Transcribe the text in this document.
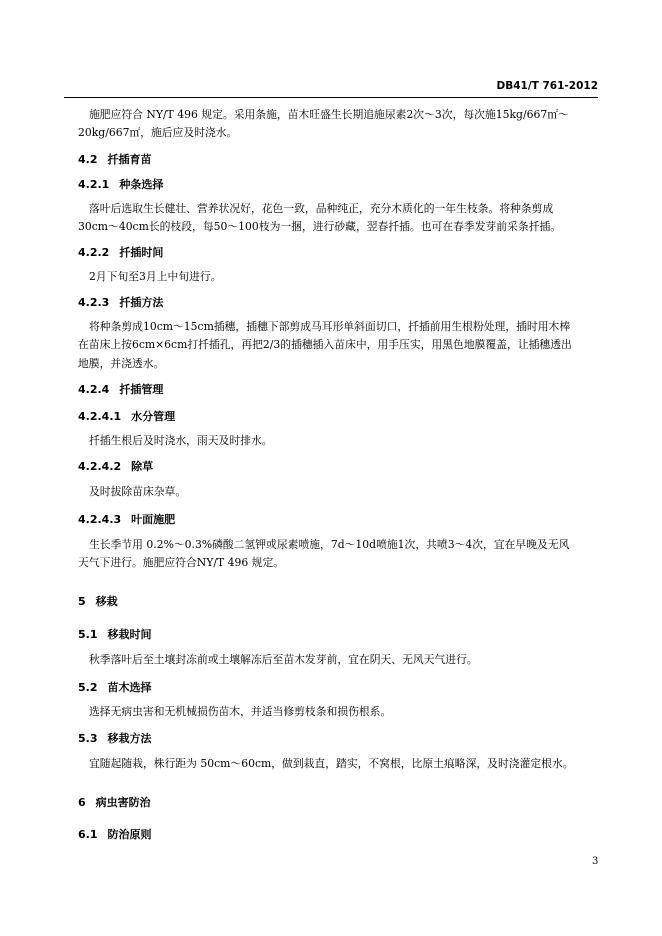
DB41/T 761-2012
施肥应符合 NY/T 496 规定。采用条施，苗木旺盛生长期追施尿素2次～3次，每次施15kg/667㎡～
20kg/667㎡，施后应及时浇水。
4.2 扦插育苗
4.2.1 种条选择
落叶后选取生长健壮、营养状况好，花色一致，品种纯正，充分木质化的一年生枝条。将种条剪成
30cm～40cm长的枝段，每50～100枝为一捆，进行砂藏，翌春扦插。也可在春季发芽前采条扦插。
4.2.2 扦插时间
2月下旬至3月上中旬进行。
4.2.3 扦插方法
将种条剪成10cm～15cm插穗，插穗下部剪成马耳形单斜面切口，扦插前用生根粉处理，插时用木棒
在苗床上按6cm×6cm打扦插孔，再把2/3的插穗插入苗床中，用手压实，用黑色地膜覆盖，让插穗透出
地膜，并浇透水。
4.2.4 扦插管理
4.2.4.1 水分管理
扦插生根后及时浇水，雨天及时排水。
4.2.4.2 除草
及时拔除苗床杂草。
4.2.4.3 叶面施肥
生长季节用 0.2%～0.3%磷酸二氢钾或尿素喷施，7d～10d喷施1次，共喷3～4次，宜在早晚及无风
天气下进行。施肥应符合NY/T 496 规定。
5 移栽
5.1 移栽时间
秋季落叶后至土壤封冻前或土壤解冻后至苗木发芽前，宜在阴天、无风天气进行。
5.2 苗木选择
选择无病虫害和无机械损伤苗木，并适当修剪枝条和损伤根系。
5.3 移栽方法
宜随起随栽，株行距为 50cm～60cm，做到栽直，踏实，不窝根，比原土痕略深，及时浇灌定根水。
6 病虫害防治
6.1 防治原则
3
